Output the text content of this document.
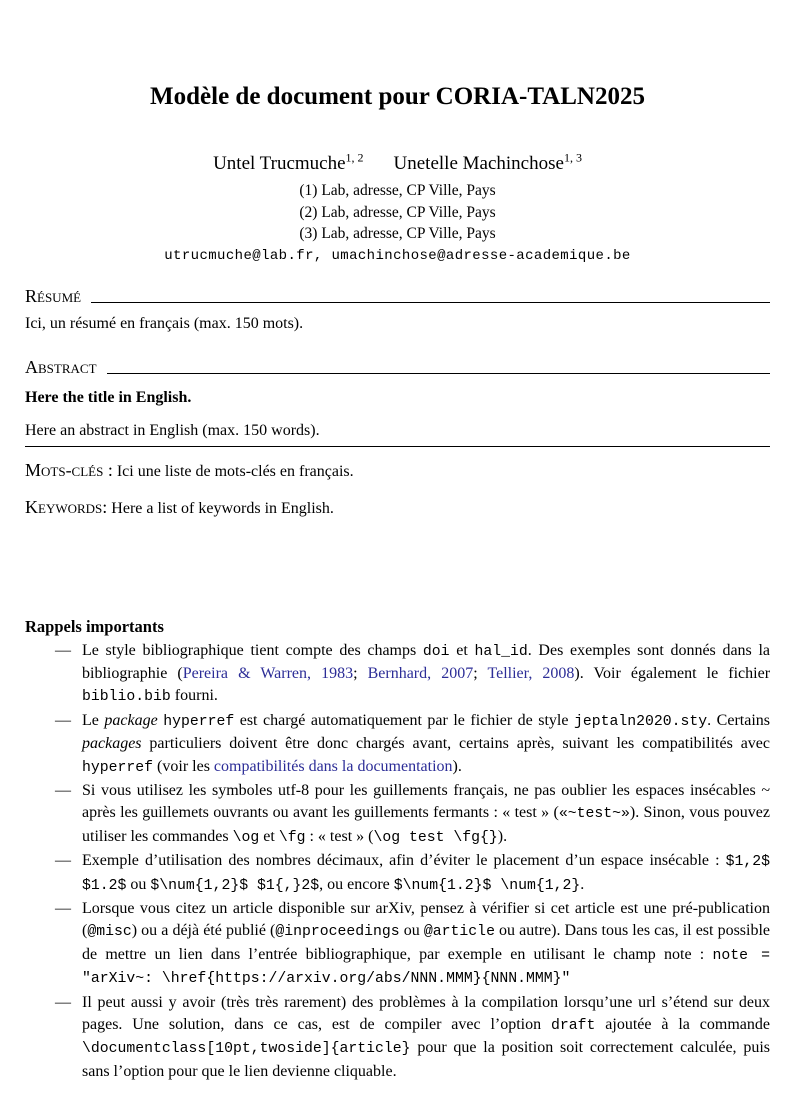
Modèle de document pour CORIA-TALN2025
Untel Trucmuche$^{1, 2}$ Unetelle Machinchose$^{1, 3}$
(1) Lab, adresse, CP Ville, Pays
(2) Lab, adresse, CP Ville, Pays
(3) Lab, adresse, CP Ville, Pays
utrucmuche@lab.fr, umachinchose@adresse-academique.be
Résumé

Ici, un résumé en français (max. 150 mots).

Abstract

Here the title in English.

Here an abstract in English (max. 150 words).

Mots-clés : Ici une liste de mots-clés en français.

Keywords: Here a list of keywords in English.

Rappels importants
— Le style bibliographique tient compte des champs doi et hal_id. Des exemples sont donnés dans la bibliographie (Pereira & Warren, 1983; Bernhard, 2007; Tellier, 2008). Voir également le fichier biblio.bib fourni.
— Le package hyperref est chargé automatiquement par le fichier de style jeptaln2020.sty. Certains packages particuliers doivent être donc chargés avant, certains après, suivant les compatibilités avec hyperref (voir les compatibilités dans la documentation).
— Si vous utilisez les symboles utf-8 pour les guillements français, ne pas oublier les espaces insécables ~ après les guillemets ouvrants ou avant les guillements fermants : « test » («~test~»). Sinon, vous pouvez utiliser les commandes \og et \fg : « test » (\og test \fg{}).
— Exemple d’utilisation des nombres décimaux, afin d’éviter le placement d’un espace insécable : $1,2$ $1.2$ ou $\num{1,2}$ $1{,}2$, ou encore $\num{1.2}$ \num{1,2}.
— Lorsque vous citez un article disponible sur arXiv, pensez à vérifier si cet article est une pré-publication (@misc) ou a déjà été publié (@inproceedings ou @article ou autre). Dans tous les cas, il est possible de mettre un lien dans l’entrée bibliographique, par exemple en utilisant le champ note : note = "arXiv~: \href{https://arxiv.org/abs/NNN.MMM}{NNN.MMM}"
— Il peut aussi y avoir (très très rarement) des problèmes à la compilation lorsqu’une url s’étend sur deux pages. Une solution, dans ce cas, est de compiler avec l’option draft ajoutée à la commande \documentclass[10pt,twoside]{article} pour que la position soit correctement calculée, puis sans l’option pour que le lien devienne cliquable.
